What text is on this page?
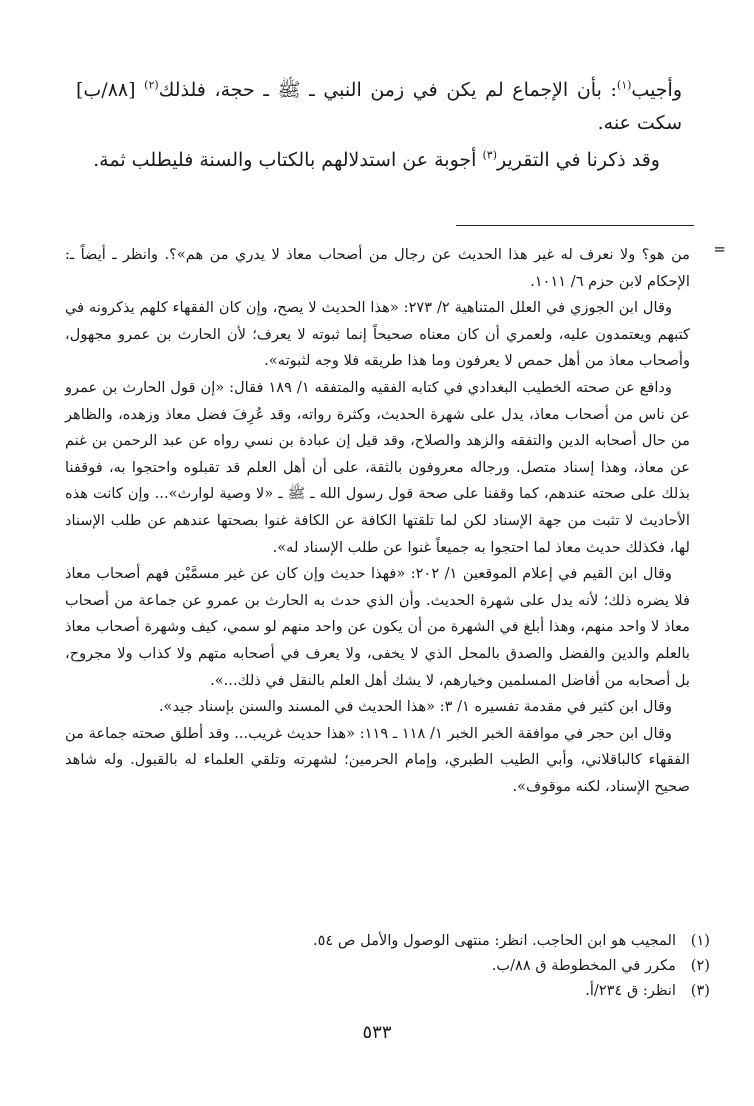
وأجيب$^{(١)}$: بأن الإجماع لم يكن في زمن النبي ـ ﷺ ـ حجة، فلذلك$^{(٢)}$ [٨٨/ب] سكت عنه.

وقد ذكرنا في التقرير$^{(٣)}$ أجوبة عن استدلالهم بالكتاب والسنة فليطلب ثمة.

=

من هو؟ ولا نعرف له غير هذا الحديث عن رجال من أصحاب معاذ لا يدري من هم»؟. وانظر ـ أيضاً ـ: الإحكام لابن حزم ٦/ ١٠١١.

وقال ابن الجوزي في العلل المتناهية ٢/ ٢٧٣: «هذا الحديث لا يصح، وإن كان الفقهاء كلهم يذكرونه في كتبهم ويعتمدون عليه، ولعمري أن كان معناه صحيحاً إنما ثبوته لا يعرف؛ لأن الحارث بن عمرو مجهول، وأصحاب معاذ من أهل حمص لا يعرفون وما هذا طريقه فلا وجه لثبوته».

ودافع عن صحته الخطيب البغدادي في كتابه الفقيه والمتفقه ١/ ١٨٩ فقال: «إن قول الحارث بن عمرو عن ناس من أصحاب معاذ، يدل على شهرة الحديث، وكثرة رواته، وقد عُرِفَ فضل معاذ وزهده، والظاهر من حال أصحابه الدين والتفقه والزهد والصلاح، وقد قيل إن عبادة بن نسي رواه عن عبد الرحمن بن غنم عن معاذ، وهذا إسناد متصل. ورجاله معروفون بالثقة، على أن أهل العلم قد تقبلوه واحتجوا به، فوقفنا بذلك على صحته عندهم، كما وقفنا على صحة قول رسول الله ـ ﷺ ـ «لا وصية لوارث»... وإن كانت هذه الأحاديث لا تثبت من جهة الإسناد لكن لما تلقتها الكافة عن الكافة غنوا بصحتها عندهم عن طلب الإسناد لها، فكذلك حديث معاذ لما احتجوا به جميعاً غنوا عن طلب الإسناد له».

وقال ابن القيم في إعلام الموقعين ١/ ٢٠٢: «فهذا حديث وإن كان عن غير مسمَّيْن فهم أصحاب معاذ فلا يضره ذلك؛ لأنه يدل على شهرة الحديث. وأن الذي حدث به الحارث بن عمرو عن جماعة من أصحاب معاذ لا واحد منهم، وهذا أبلغ في الشهرة من أن يكون عن واحد منهم لو سمي، كيف وشهرة أصحاب معاذ بالعلم والدين والفضل والصدق بالمحل الذي لا يخفى، ولا يعرف في أصحابه متهم ولا كذاب ولا مجروح، بل أصحابه من أفاضل المسلمين وخيارهم، لا يشك أهل العلم بالنقل في ذلك...».

وقال ابن كثير في مقدمة تفسيره ١/ ٣: «هذا الحديث في المسند والسنن بإسناد جيد».

وقال ابن حجر في موافقة الخبر الخبر ١/ ١١٨ ـ ١١٩: «هذا حديث غريب... وقد أطلق صحته جماعة من الفقهاء كالباقلاني، وأبي الطيب الطبري، وإمام الحرمين؛ لشهرته وتلقي العلماء له بالقبول. وله شاهد صحيح الإسناد، لكنه موقوف».

(١)
المجيب هو ابن الحاجب. انظر: منتهى الوصول والأمل ص ٥٤.
(٢)
مكرر في المخطوطة ق ٨٨/ب.
(٣)
انظر: ق ٢٣٤/أ.
٥٣٣
